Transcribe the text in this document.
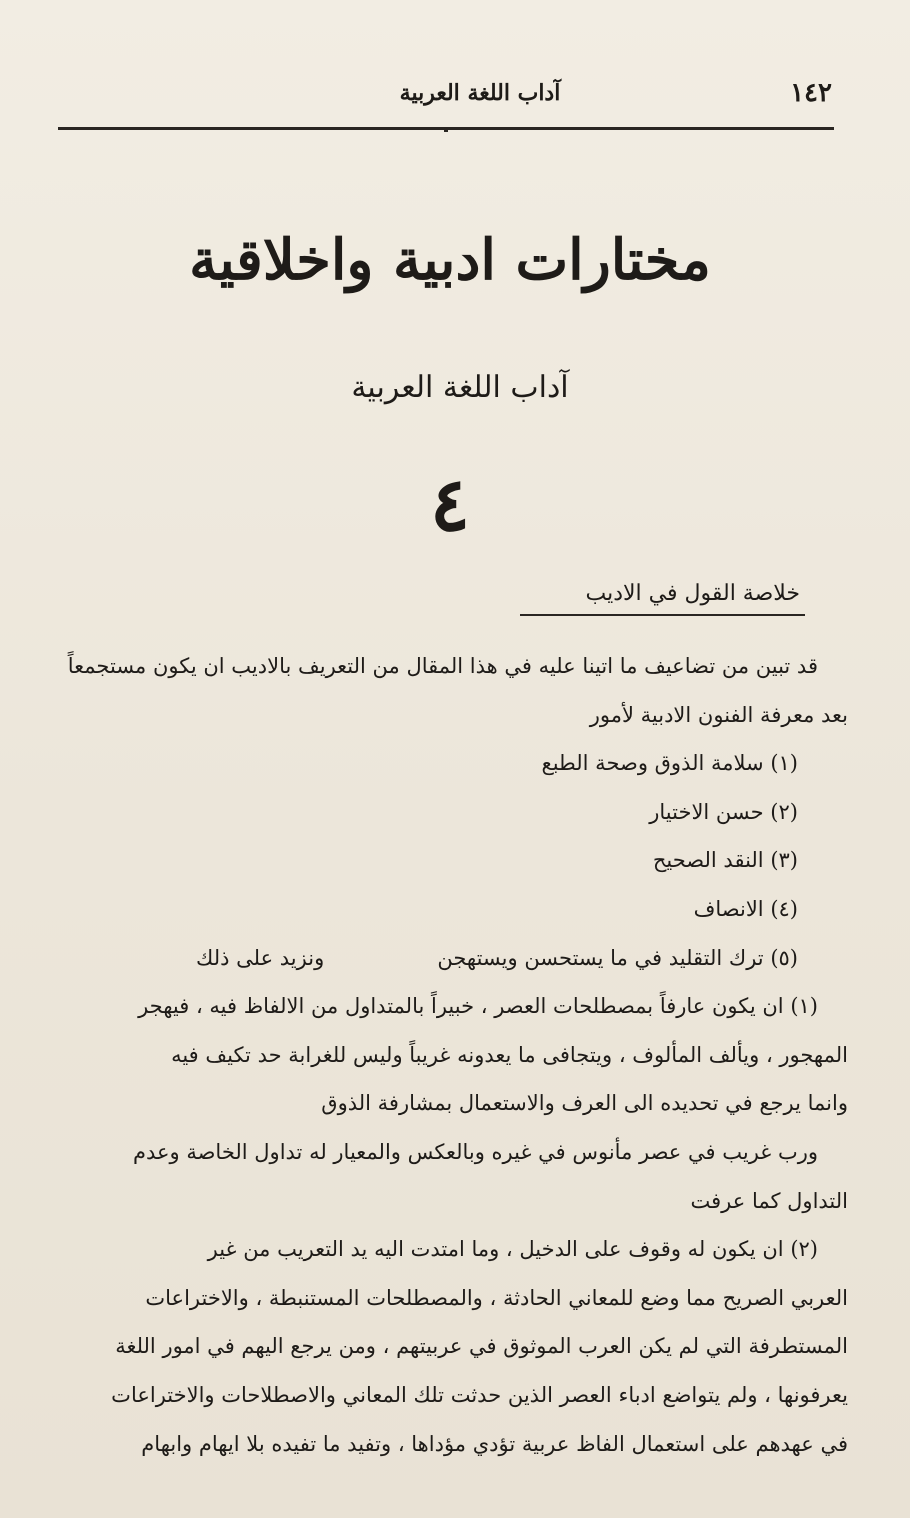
١٤٢
آداب اللغة العربية
مختارات ادبية واخلاقية
آداب اللغة العربية
٤
خلاصة القول في الاديب
قد تبين من تضاعيف ما اتينا عليه في هذا المقال من التعريف بالاديب ان يكون مستجمعاً
بعد معرفة الفنون الادبية لأمور
(١) سلامة الذوق وصحة الطبع
(٢) حسن الاختيار
(٣) النقد الصحيح
(٤) الانصاف
(٥) ترك التقليد في ما يستحسن ويستهجن
ونزيد على ذلك
(١) ان يكون عارفاً بمصطلحات العصر ، خبيراً بالمتداول من الالفاظ فيه ، فيهجر
المهجور ، ويألف المألوف ، ويتجافى ما يعدونه غريباً وليس للغرابة حد تكيف فيه
وانما يرجع في تحديده الى العرف والاستعمال بمشارفة الذوق
ورب غريب في عصر مأنوس في غيره وبالعكس والمعيار له تداول الخاصة وعدم
التداول كما عرفت
(٢) ان يكون له وقوف على الدخيل ، وما امتدت اليه يد التعريب من غير
العربي الصريح مما وضع للمعاني الحادثة ، والمصطلحات المستنبطة ، والاختراعات
المستطرفة التي لم يكن العرب الموثوق في عربيتهم ، ومن يرجع اليهم في امور اللغة
يعرفونها ، ولم يتواضع ادباء العصر الذين حدثت تلك المعاني والاصطلاحات والاختراعات
في عهدهم على استعمال الفاظ عربية تؤدي مؤداها ، وتفيد ما تفيده بلا ايهام وابهام
